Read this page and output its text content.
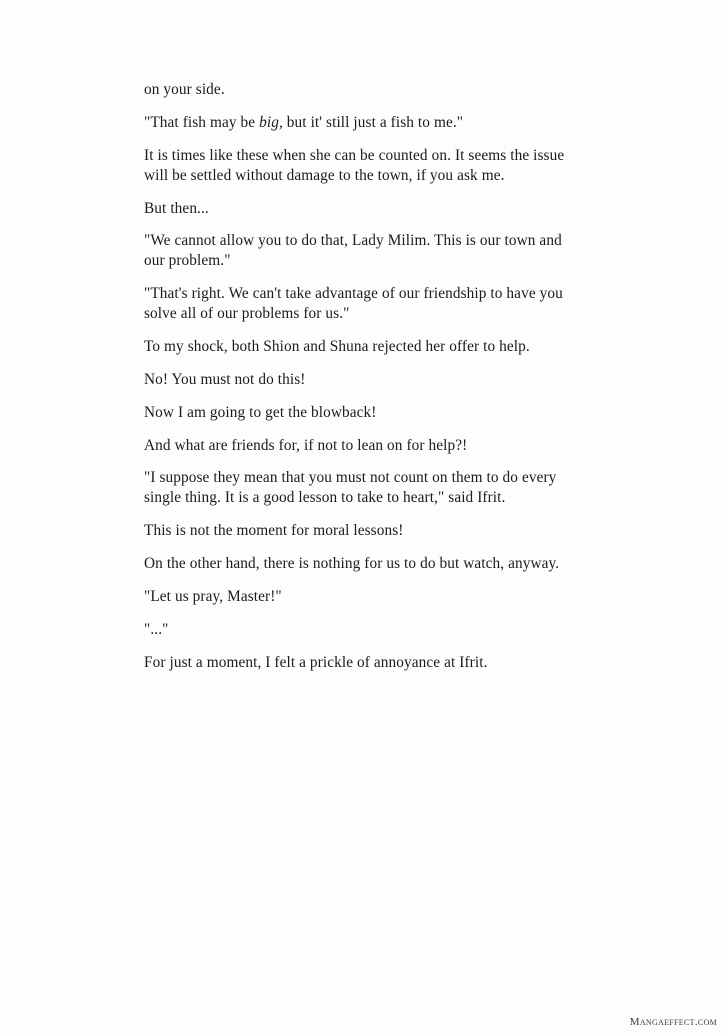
on your side.

"That fish may be big, but it' still just a fish to me."

It is times like these when she can be counted on. It seems the issue will be settled without damage to the town, if you ask me.

But then...

"We cannot allow you to do that, Lady Milim. This is our town and our problem."

"That's right. We can't take advantage of our friendship to have you solve all of our problems for us."

To my shock, both Shion and Shuna rejected her offer to help.

No! You must not do this!

Now I am going to get the blowback!

And what are friends for, if not to lean on for help?!

"I suppose they mean that you must not count on them to do every single thing. It is a good lesson to take to heart," said Ifrit.

This is not the moment for moral lessons!

On the other hand, there is nothing for us to do but watch, anyway.

"Let us pray, Master!"

"..."

For just a moment, I felt a prickle of annoyance at Ifrit.

Mangaeffect.com
